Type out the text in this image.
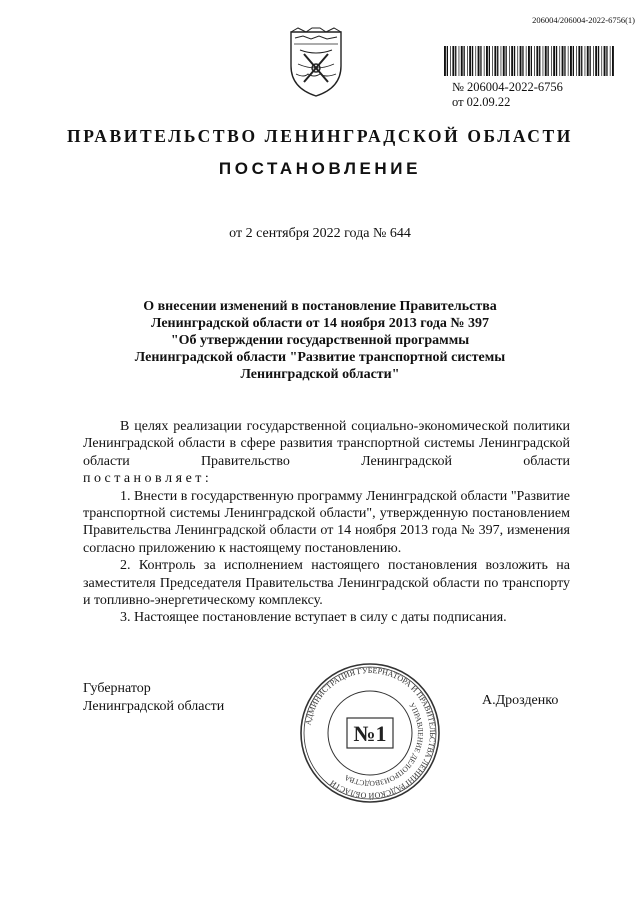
206004/206004-2022-6756(1)
№ 206004-2022-6756
от 02.09.22
ПРАВИТЕЛЬСТВО ЛЕНИНГРАДСКОЙ ОБЛАСТИ
ПОСТАНОВЛЕНИЕ
от 2 сентября 2022 года № 644
О внесении изменений в постановление Правительства
Ленинградской области от 14 ноября 2013 года № 397
"Об утверждении государственной программы
Ленинградской области "Развитие транспортной системы
Ленинградской области"
В целях реализации государственной социально-экономической политики Ленинградской области в сфере развития транспортной системы Ленинградской области Правительство Ленинградской области
п о с т а н о в л я е т :
1. Внести в государственную программу Ленинградской области "Развитие транспортной системы Ленинградской области", утвержденную постановлением Правительства Ленинградской области от 14 ноября 2013 года № 397, изменения согласно приложению к настоящему постановлению.
2. Контроль за исполнением настоящего постановления возложить на заместителя Председателя Правительства Ленинградской области по транспорту и топливно-энергетическому комплексу.
3. Настоящее постановление вступает в силу с даты подписания.
Губернатор
Ленинградской области	А.Дрозденко
АДМИНИСТРАЦИЯ ГУБЕРНАТОРА И ПРАВИТЕЛЬСТВА ЛЕНИНГРАДСКОЙ ОБЛАСТИ
УПРАВЛЕНИЕ ДЕЛОПРОИЗВОДСТВА
№1
